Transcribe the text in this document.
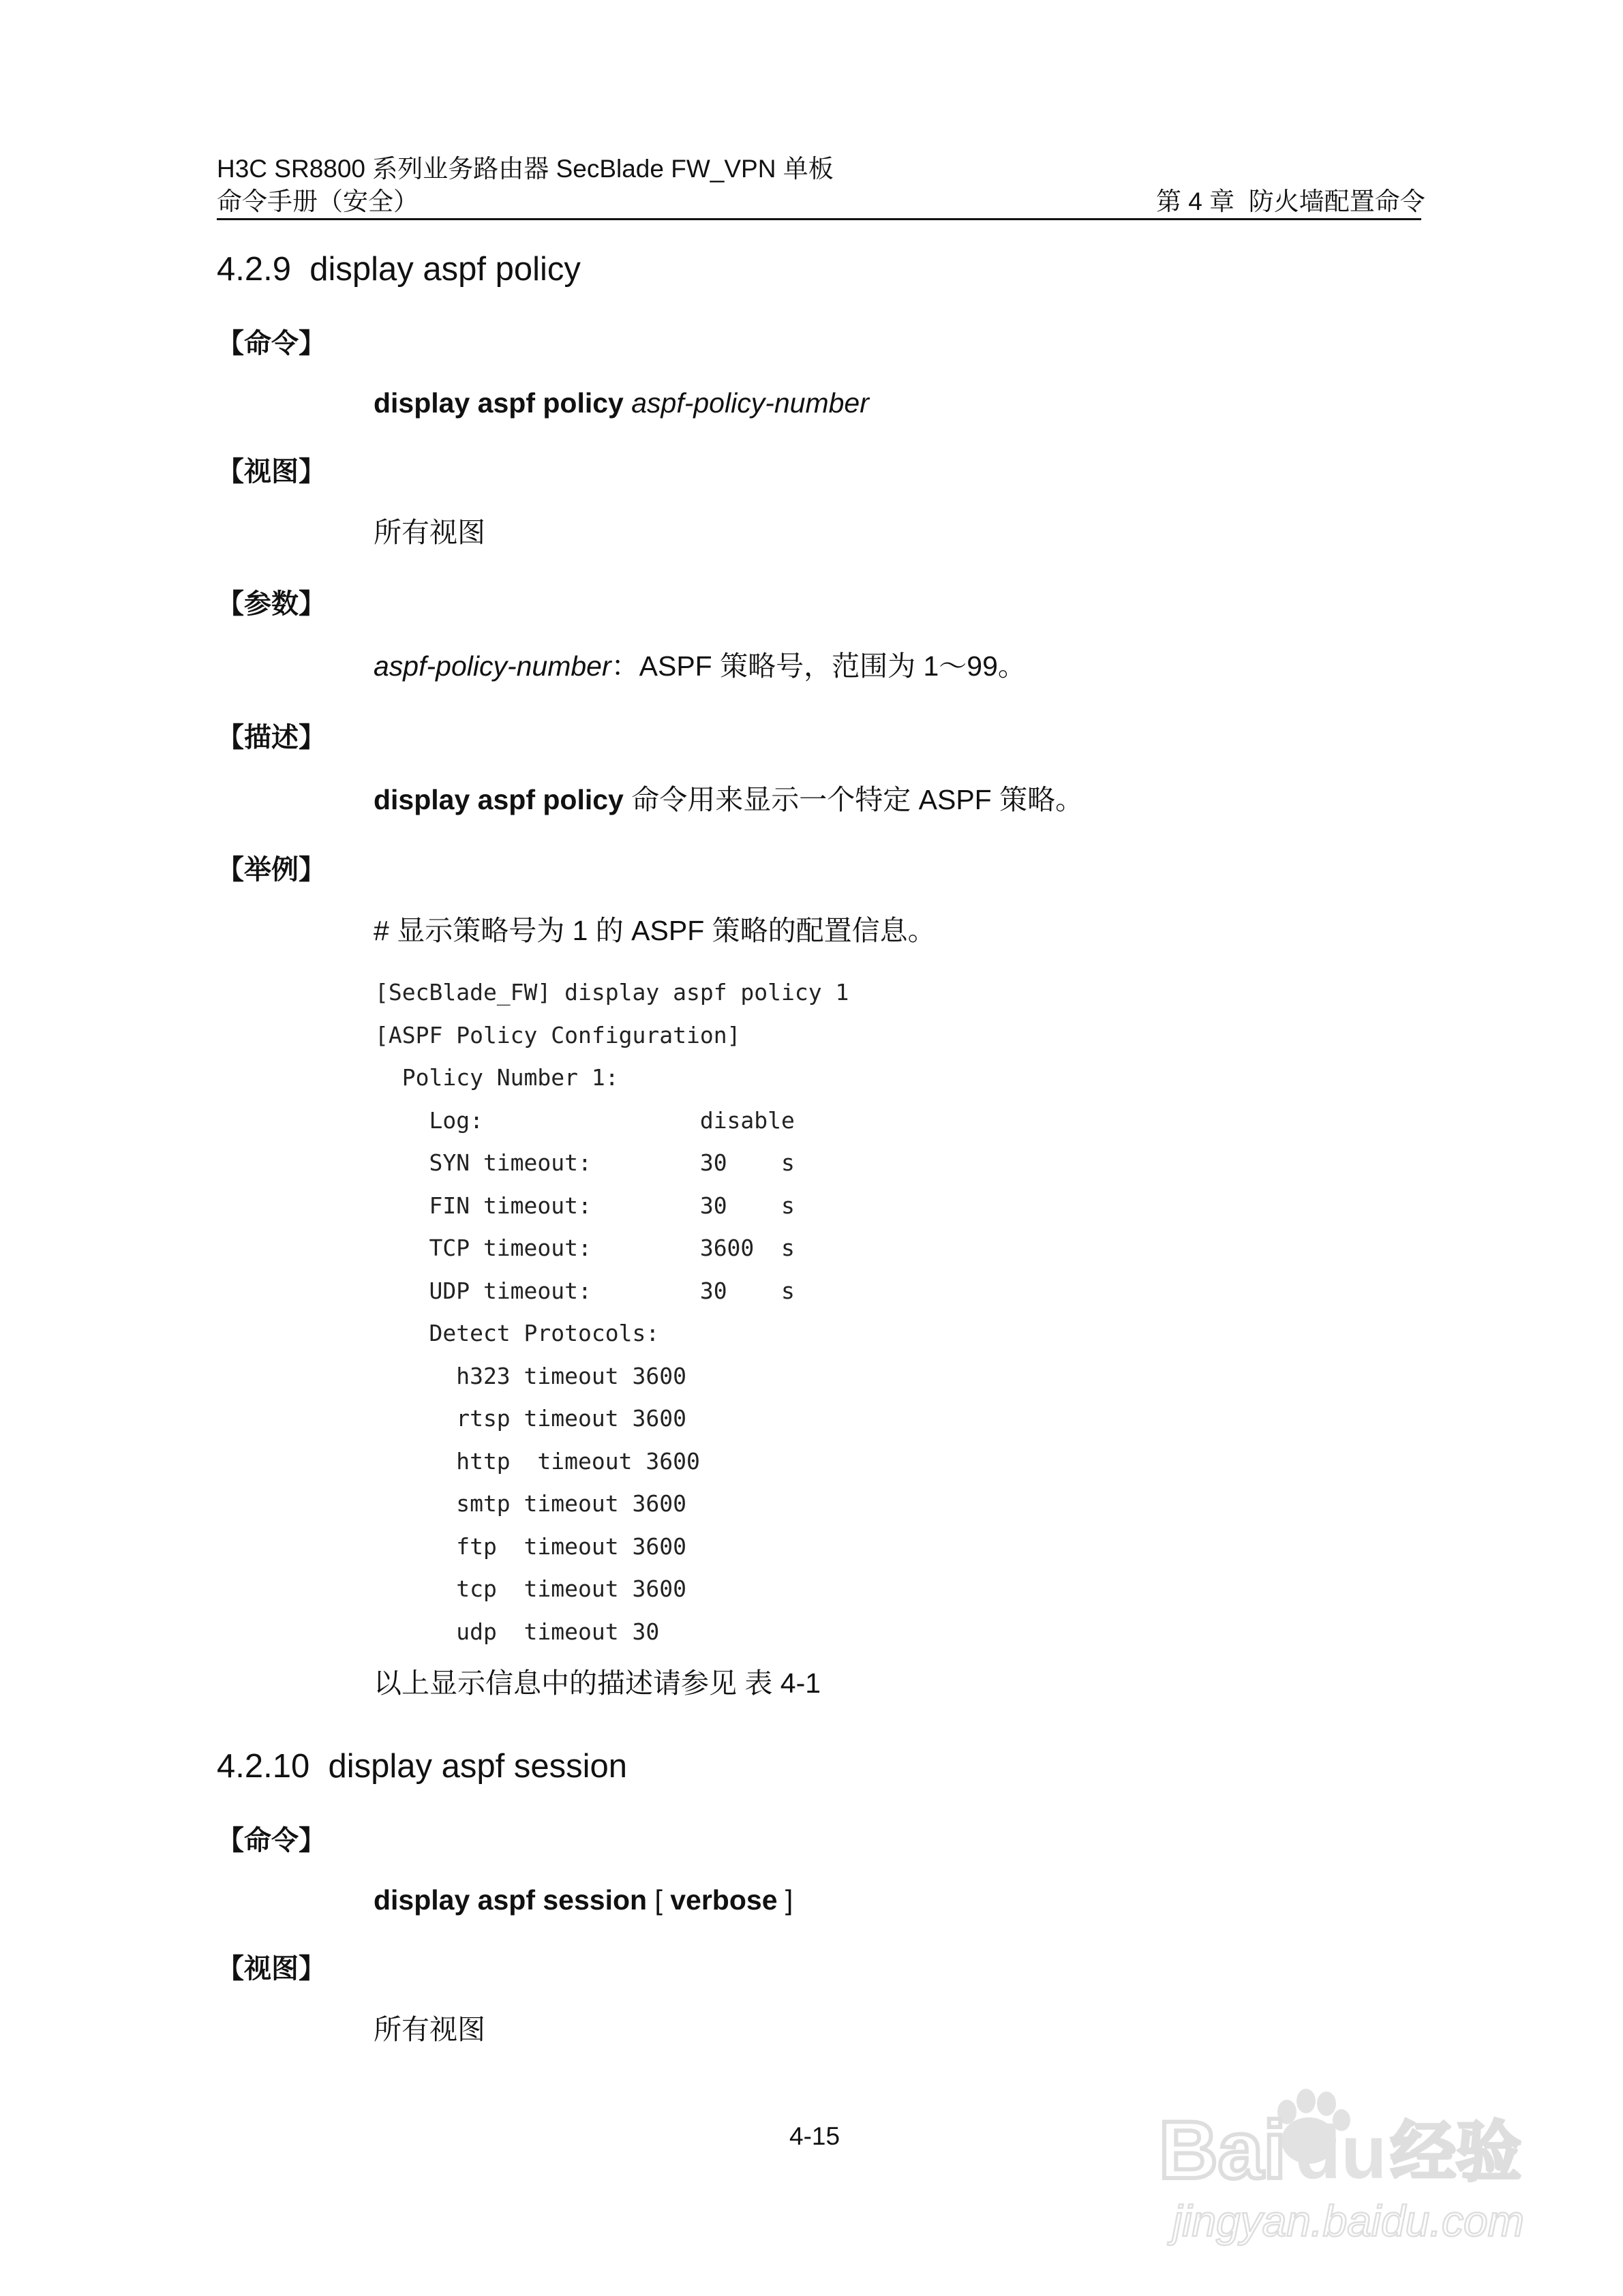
H3C SR8800 系列业务路由器 SecBlade FW_VPN 单板
命令手册（安全）	第 4 章  防火墙配置命令
4.2.9  display aspf policy
【命令】
display aspf policy aspf-policy-number
【视图】
所有视图
【参数】
aspf-policy-number：ASPF 策略号，范围为 1～99。
【描述】
display aspf policy 命令用来显示一个特定 ASPF 策略。
【举例】
# 显示策略号为 1 的 ASPF 策略的配置信息。
[SecBlade_FW] display aspf policy 1
[ASPF Policy Configuration]
Policy Number 1:
Log:                disable
SYN timeout:        30    s
FIN timeout:        30    s
TCP timeout:        3600  s
UDP timeout:        30    s
Detect Protocols:
h323 timeout 3600
rtsp timeout 3600
http  timeout 3600
smtp timeout 3600
ftp  timeout 3600
tcp  timeout 3600
udp  timeout 30
以上显示信息中的描述请参见 表 4-1
4.2.10  display aspf session
【命令】
display aspf session [ verbose ]
【视图】
所有视图
4-15	Bai du 经验
jingyan.baidu.com
